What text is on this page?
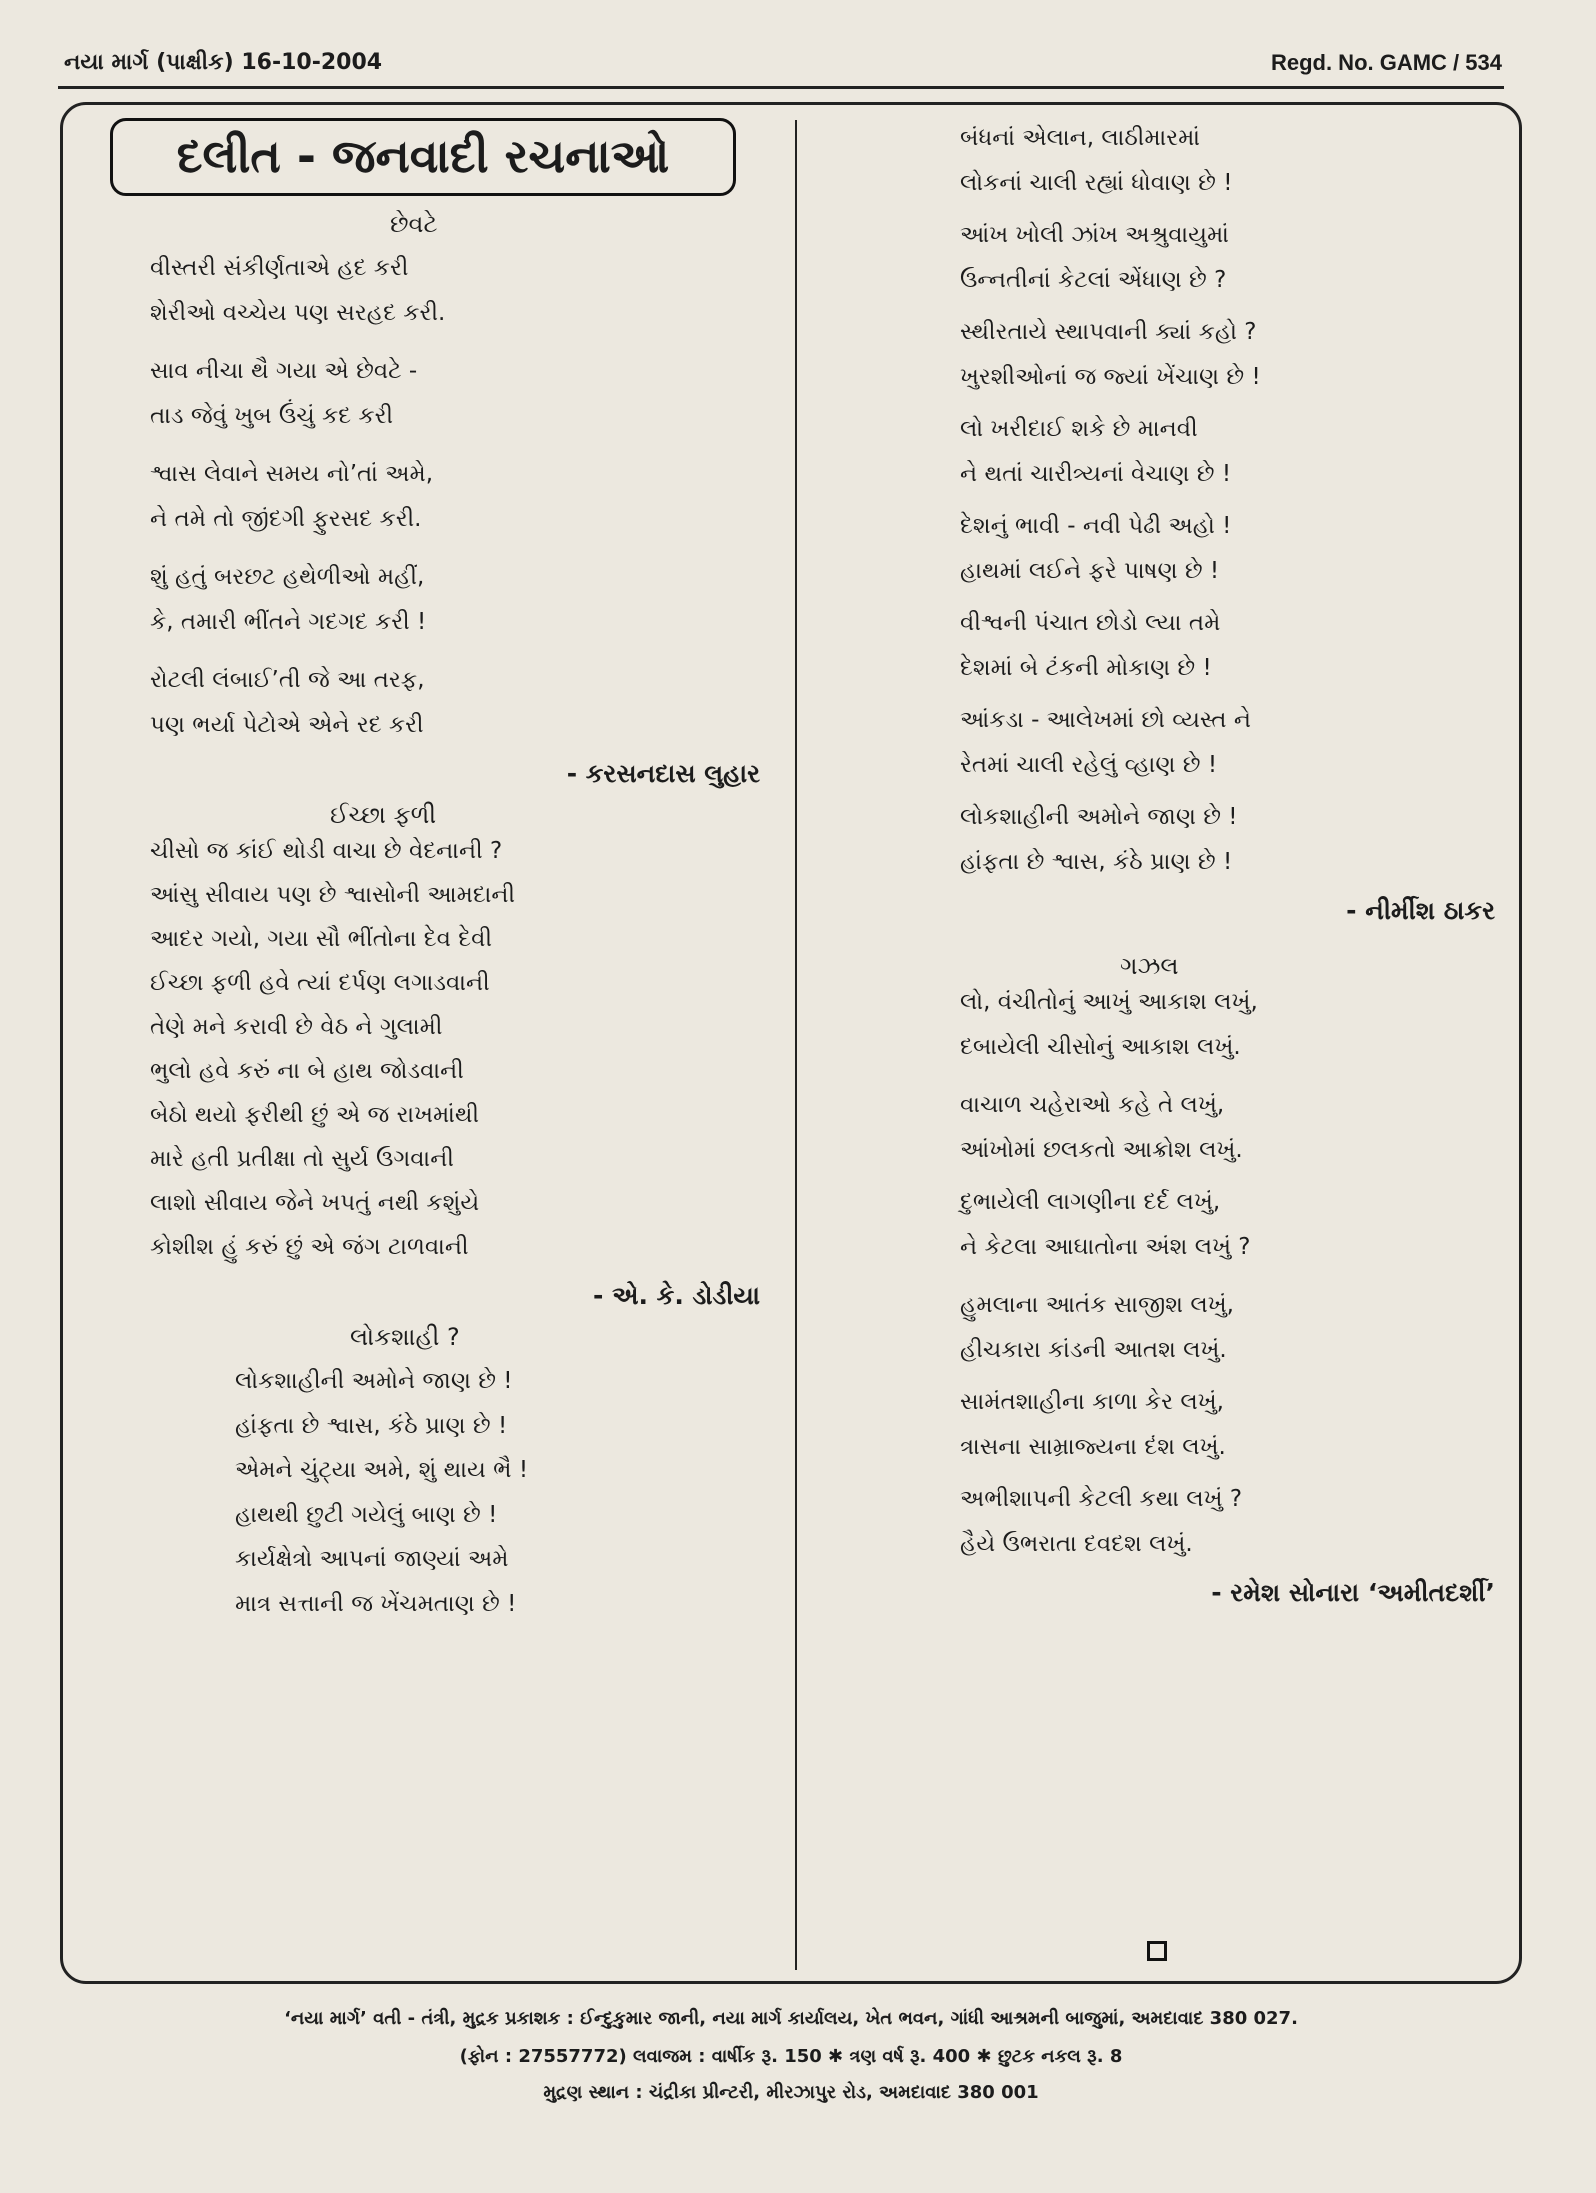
નયા માર્ગ (પાક્ષીક) 16-10-2004	Regd. No. GAMC / 534
દલીત - જનવાદી રચનાઓ
છેવટે
વીસ્તરી સંકીર્ણતાએ હદ કરી
શેરીઓ વચ્ચેય પણ સરહદ કરી.
સાવ નીચા થૈ ગયા એ છેવટે -
તાડ જેવું ખુબ ઉંચું કદ કરી
શ્વાસ લેવાને સમય નો’તાં અમે,
ને તમે તો જીંદગી ફુરસદ કરી.
શું હતું બરછટ હથેળીઓ મહીં,
કે, તમારી ભીંતને ગદગદ કરી !
રોટલી લંબાઈ’તી જે આ તરફ,
પણ ભર્યા પેટોએ એને રદ કરી
- કરસનદાસ લુહાર
ઈચ્છા ફળી
ચીસો જ કાંઈ થોડી વાચા છે વેદનાની ?
આંસુ સીવાય પણ છે શ્વાસોની આમદાની
આદર ગયો, ગયા સૌ ભીંતોના દેવ દેવી
ઈચ્છા ફળી હવે ત્યાં દર્પણ લગાડવાની
તેણે મને કરાવી છે વેઠ ને ગુલામી
ભુલો હવે કરું ના બે હાથ જોડવાની
બેઠો થયો ફરીથી છું એ જ રાખમાંથી
મારે હતી પ્રતીક્ષા તો સુર્ય ઉગવાની
લાશો સીવાય જેને ખપતું નથી કશુંયે
કોશીશ હું કરું છું એ જંગ ટાળવાની
- એ. કે. ડોડીયા
લોકશાહી ?
લોકશાહીની અમોને જાણ છે !
હાંફતા છે શ્વાસ, કંઠે પ્રાણ છે !
એમને ચુંટ્યા અમે, શું થાય ભૈ !
હાથથી છુટી ગયેલું બાણ છે !
કાર્યક્ષેત્રો આપનાં જાણ્યાં અમે
માત્ર સત્તાની જ ખેંચમતાણ છે !
બંધનાં એલાન, લાઠીમારમાં
લોકનાં ચાલી રહ્યાં ધોવાણ છે !
આંખ ખોલી ઝાંખ અશ્રુવાયુમાં
ઉન્નતીનાં કેટલાં એંધાણ છે ?
સ્થીરતાયે સ્થાપવાની ક્યાં કહો ?
ખુરશીઓનાં જ જ્યાં ખેંચાણ છે !
લો ખરીદાઈ શકે છે માનવી
ને થતાં ચારીત્ર્યનાં વેચાણ છે !
દેશનું ભાવી - નવી પેઢી અહો !
હાથમાં લઈને ફરે પાષણ છે !
વીશ્વની પંચાત છોડો લ્યા તમે
દેશમાં બે ટંકની મોકાણ છે !
આંકડા - આલેખમાં છો વ્યસ્ત ને
રેતમાં ચાલી રહેલું વ્હાણ છે !
લોકશાહીની અમોને જાણ છે !
હાંફતા છે શ્વાસ, કંઠે પ્રાણ છે !
- નીર્મીશ ઠાકર
ગઝલ
લો, વંચીતોનું આખું આકાશ લખું,
દબાયેલી ચીસોનું આકાશ લખું.
વાચાળ ચહેરાઓ કહે તે લખું,
આંખોમાં છલકતો આક્રોશ લખું.
દુભાયેલી લાગણીના દર્દ લખું,
ને કેટલા આઘાતોના અંશ લખું ?
હુમલાના આતંક સાજીશ લખું,
હીચકારા કાંડની આતશ લખું.
સામંતશાહીના કાળા કેર લખું,
ત્રાસના સામ્રાજ્યના દંશ લખું.
અભીશાપની કેટલી કથા લખું ?
હૈયે ઉભરાતા દવદશ લખું.
- રમેશ સોનારા ‘અમીતદર્શી’
‘નયા માર્ગ’ વતી - તંત્રી, મુદ્રક પ્રકાશક : ઈન્દુકુમાર જાની, નયા માર્ગ કાર્યાલય, ખેત ભવન, ગાંધી આશ્રમની બાજુમાં, અમદાવાદ 380 027.
(ફોન : 27557772) લવાજમ : વાર્ષીક રૂ. 150 ✱ ત્રણ વર્ષ રૂ. 400 ✱ છુટક નકલ રૂ. 8
મુદ્રણ સ્થાન : ચંદ્રીકા પ્રીન્ટરી, મીરઝાપુર રોડ, અમદાવાદ 380 001
